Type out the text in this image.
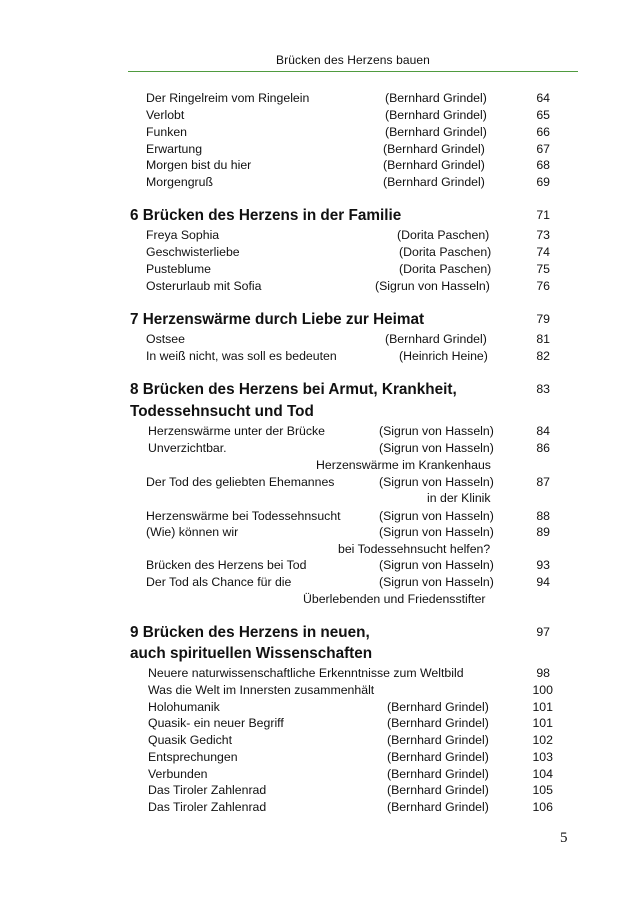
Brücken des Herzens bauen
Der Ringelreim vom Ringelein	(Bernhard Grindel)	64
Verlobt	(Bernhard Grindel)	65
Funken	(Bernhard Grindel)	66
Erwartung	(Bernhard Grindel)	67
Morgen bist du hier	(Bernhard Grindel)	68
Morgengruß	(Bernhard Grindel)	69
6 Brücken des Herzens in der Familie	71
Freya Sophia	(Dorita Paschen)	73
Geschwisterliebe	(Dorita Paschen)	74
Pusteblume	(Dorita Paschen)	75
Osterurlaub mit Sofia	(Sigrun von Hasseln)	76
7 Herzenswärme durch Liebe zur Heimat	79
Ostsee	(Bernhard Grindel)	81
In weiß nicht, was soll es bedeuten	(Heinrich Heine)	82
8 Brücken des Herzens bei Armut, Krankheit,	83
Todessehnsucht und Tod
Herzenswärme unter der Brücke	(Sigrun von Hasseln)	84
Unverzichtbar.	(Sigrun von Hasseln)	86
Herzenswärme im Krankenhaus
Der Tod des geliebten Ehemannes	(Sigrun von Hasseln)	87
in der Klinik
Herzenswärme bei Todessehnsucht	(Sigrun von Hasseln)	88
(Wie) können wir	(Sigrun von Hasseln)	89
bei Todessehnsucht helfen?
Brücken des Herzens bei Tod	(Sigrun von Hasseln)	93
Der Tod als Chance für die	(Sigrun von Hasseln)	94
Überlebenden und Friedensstifter
9 Brücken des Herzens in neuen,	97
auch spirituellen Wissenschaften
Neuere naturwissenschaftliche Erkenntnisse zum Weltbild	98
Was die Welt im Innersten zusammenhält	100
Holohumanik	(Bernhard Grindel)	101
Quasik- ein neuer Begriff	(Bernhard Grindel)	101
Quasik Gedicht	(Bernhard Grindel)	102
Entsprechungen	(Bernhard Grindel)	103
Verbunden	(Bernhard Grindel)	104
Das Tiroler Zahlenrad	(Bernhard Grindel)	105
Das Tiroler Zahlenrad	(Bernhard Grindel)	106
5
